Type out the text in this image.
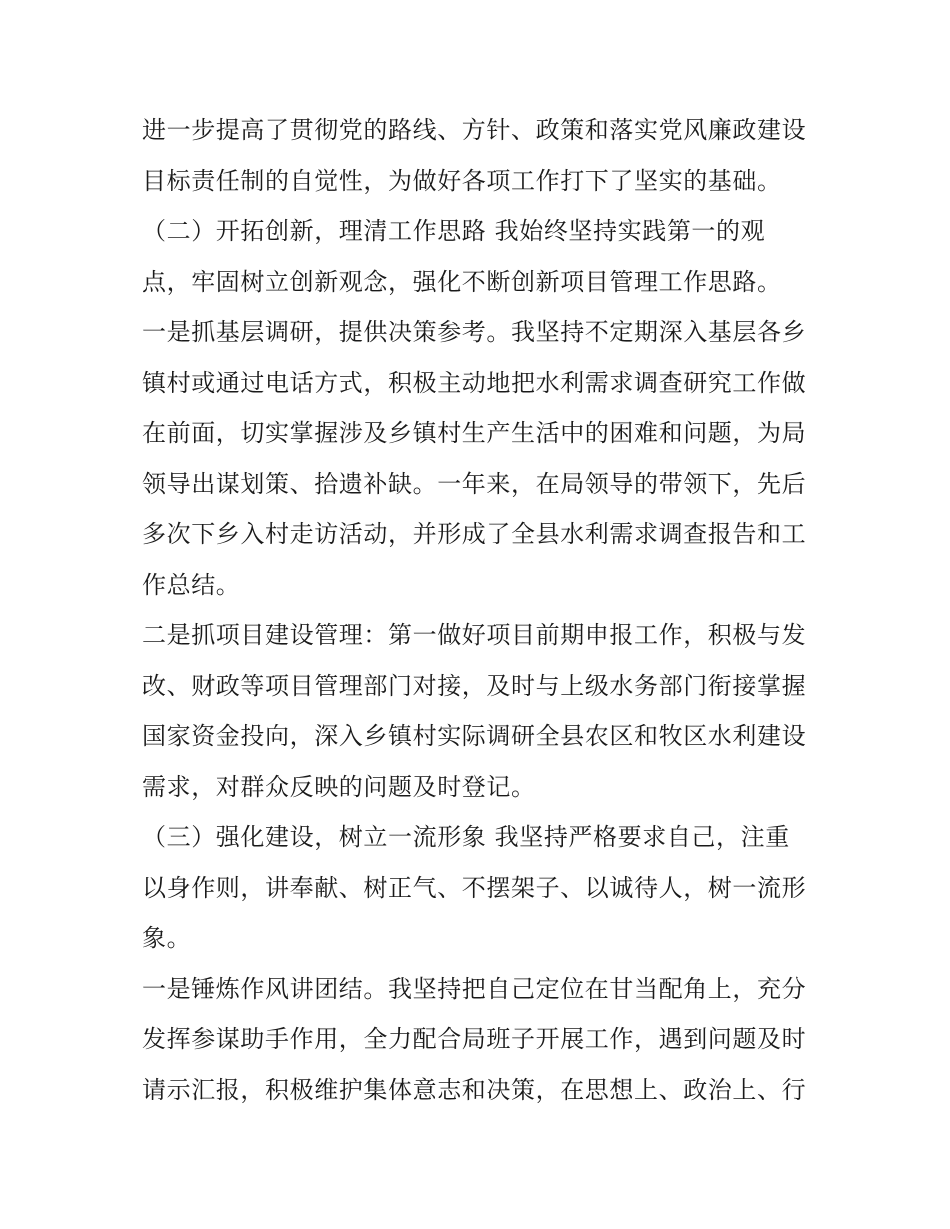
进一步提高了贯彻党的路线、方针、政策和落实党风廉政建设
目标责任制的自觉性，为做好各项工作打下了坚实的基础。
（二）开拓创新，理清工作思路 我始终坚持实践第一的观
点，牢固树立创新观念，强化不断创新项目管理工作思路。
一是抓基层调研，提供决策参考。我坚持不定期深入基层各乡
镇村或通过电话方式，积极主动地把水利需求调查研究工作做
在前面，切实掌握涉及乡镇村生产生活中的困难和问题，为局
领导出谋划策、拾遗补缺。一年来，在局领导的带领下，先后
多次下乡入村走访活动，并形成了全县水利需求调查报告和工
作总结。
二是抓项目建设管理：第一做好项目前期申报工作，积极与发
改、财政等项目管理部门对接，及时与上级水务部门衔接掌握
国家资金投向，深入乡镇村实际调研全县农区和牧区水利建设
需求，对群众反映的问题及时登记。
（三）强化建设，树立一流形象 我坚持严格要求自己，注重
以身作则，讲奉献、树正气、不摆架子、以诚待人，树一流形
象。
一是锤炼作风讲团结。我坚持把自己定位在甘当配角上，充分
发挥参谋助手作用，全力配合局班子开展工作，遇到问题及时
请示汇报，积极维护集体意志和决策，在思想上、政治上、行
